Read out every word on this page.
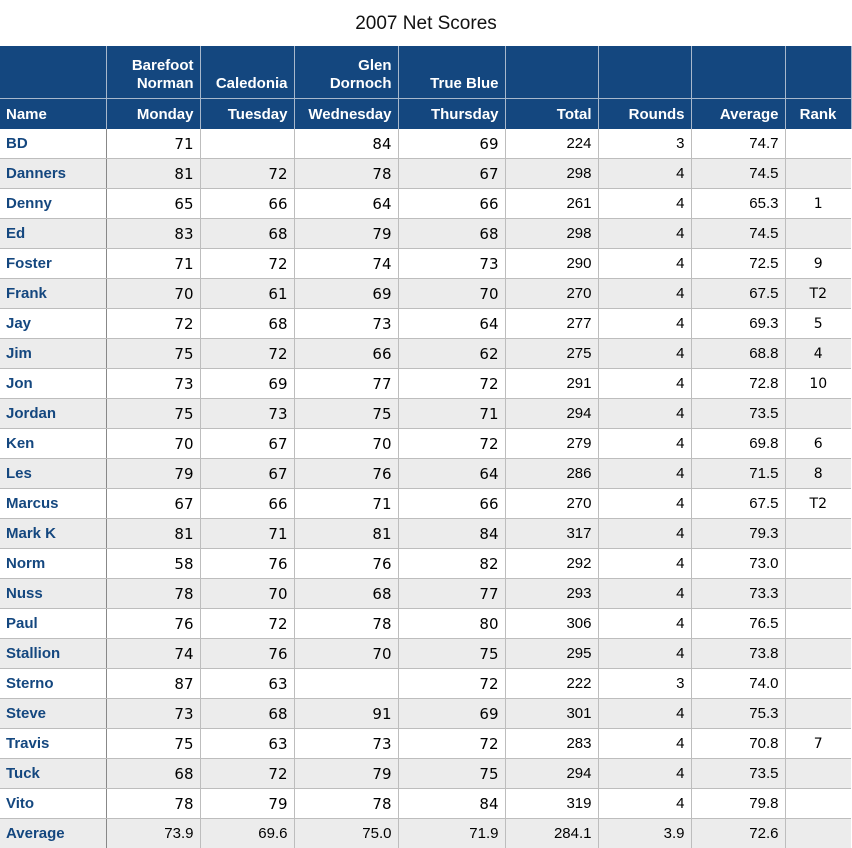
2007 Net Scores
	Barefoot Norman	Caledonia	Glen Dornoch	True Blue				
Name	Monday	Tuesday	Wednesday	Thursday	Total	Rounds	Average	Rank
BD	71		84	69	224	3	74.7	
Danners	81	72	78	67	298	4	74.5	
Denny	65	66	64	66	261	4	65.3	1
Ed	83	68	79	68	298	4	74.5	
Foster	71	72	74	73	290	4	72.5	9
Frank	70	61	69	70	270	4	67.5	T2
Jay	72	68	73	64	277	4	69.3	5
Jim	75	72	66	62	275	4	68.8	4
Jon	73	69	77	72	291	4	72.8	10
Jordan	75	73	75	71	294	4	73.5	
Ken	70	67	70	72	279	4	69.8	6
Les	79	67	76	64	286	4	71.5	8
Marcus	67	66	71	66	270	4	67.5	T2
Mark K	81	71	81	84	317	4	79.3	
Norm	58	76	76	82	292	4	73.0	
Nuss	78	70	68	77	293	4	73.3	
Paul	76	72	78	80	306	4	76.5	
Stallion	74	76	70	75	295	4	73.8	
Sterno	87	63		72	222	3	74.0	
Steve	73	68	91	69	301	4	75.3	
Travis	75	63	73	72	283	4	70.8	7
Tuck	68	72	79	75	294	4	73.5	
Vito	78	79	78	84	319	4	79.8	
Average	73.9	69.6	75.0	71.9	284.1	3.9	72.6	
